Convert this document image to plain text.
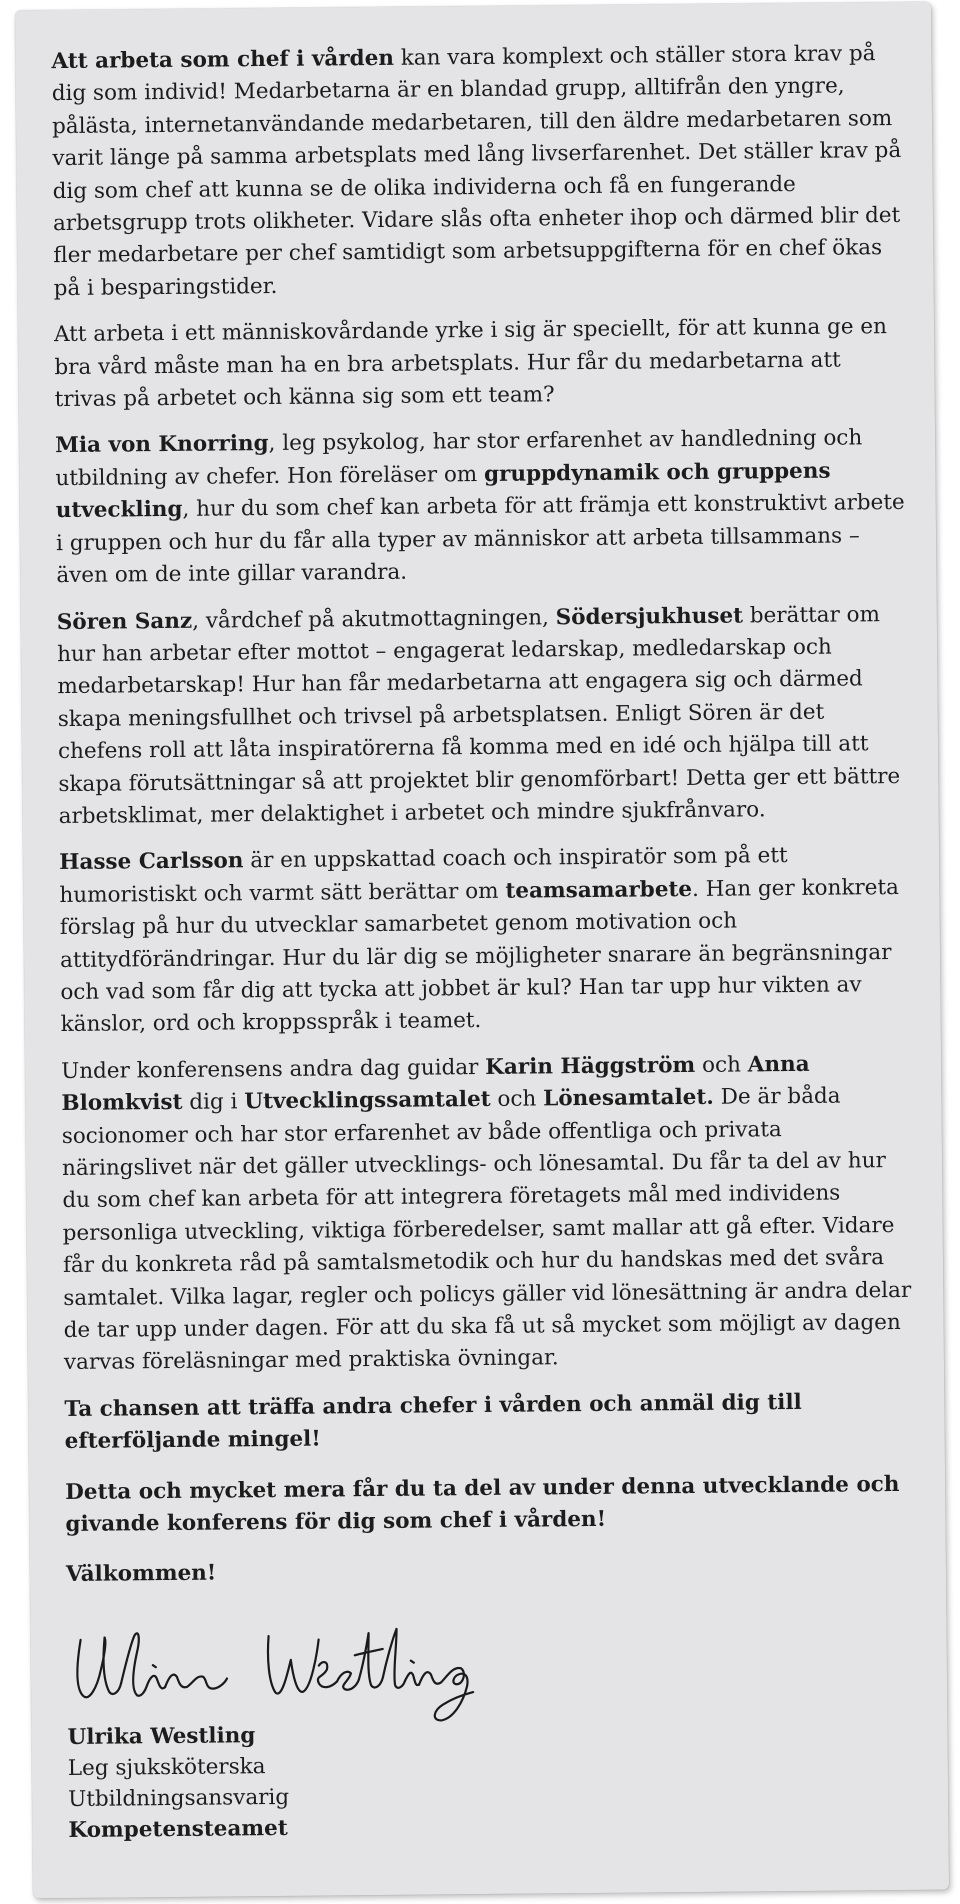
Att arbeta som chef i vården kan vara komplext och ställer stora krav på dig som individ! Medarbetarna är en blandad grupp, alltifrån den yngre, pålästa, internetanvändande medarbetaren, till den äldre medarbetaren som varit länge på samma arbetsplats med lång livserfarenhet. Det ställer krav på dig som chef att kunna se de olika individerna och få en fungerande arbetsgrupp trots olikheter. Vidare slås ofta enheter ihop och därmed blir det fler medarbetare per chef samtidigt som arbetsuppgifterna för en chef ökas på i besparingstider.

Att arbeta i ett människovårdande yrke i sig är speciellt, för att kunna ge en bra vård måste man ha en bra arbetsplats. Hur får du medarbetarna att trivas på arbetet och känna sig som ett team?

Mia von Knorring, leg psykolog, har stor erfarenhet av handledning och utbildning av chefer. Hon föreläser om gruppdynamik och gruppens utveckling, hur du som chef kan arbeta för att främja ett konstruktivt arbete i gruppen och hur du får alla typer av människor att arbeta tillsammans – även om de inte gillar varandra.

Sören Sanz, vårdchef på akutmottagningen, Södersjukhuset berättar om hur han arbetar efter mottot – engagerat ledarskap, medledarskap och medarbetarskap! Hur han får medarbetarna att engagera sig och därmed skapa meningsfullhet och trivsel på arbetsplatsen. Enligt Sören är det chefens roll att låta inspiratörerna få komma med en idé och hjälpa till att skapa förutsättningar så att projektet blir genomförbart! Detta ger ett bättre arbetsklimat, mer delaktighet i arbetet och mindre sjukfrånvaro.

Hasse Carlsson är en uppskattad coach och inspiratör som på ett humoristiskt och varmt sätt berättar om teamsamarbete. Han ger konkreta förslag på hur du utvecklar samarbetet genom motivation och attitydförändringar. Hur du lär dig se möjligheter snarare än begränsningar och vad som får dig att tycka att jobbet är kul? Han tar upp hur vikten av känslor, ord och kroppsspråk i teamet.

Under konferensens andra dag guidar Karin Häggström och Anna Blomkvist dig i Utvecklingssamtalet och Lönesamtalet. De är båda socionomer och har stor erfarenhet av både offentliga och privata näringslivet när det gäller utvecklings- och lönesamtal. Du får ta del av hur du som chef kan arbeta för att integrera företagets mål med individens personliga utveckling, viktiga förberedelser, samt mallar att gå efter. Vidare får du konkreta råd på samtalsmetodik och hur du handskas med det svåra samtalet. Vilka lagar, regler och policys gäller vid lönesättning är andra delar de tar upp under dagen. För att du ska få ut så mycket som möjligt av dagen varvas föreläsningar med praktiska övningar.

Ta chansen att träffa andra chefer i vården och anmäl dig till efterföljande mingel!

Detta och mycket mera får du ta del av under denna utvecklande och givande konferens för dig som chef i vården!

Välkommen!

Ulrika Westling
Leg sjuksköterska
Utbildningsansvarig
Kompetensteamet
